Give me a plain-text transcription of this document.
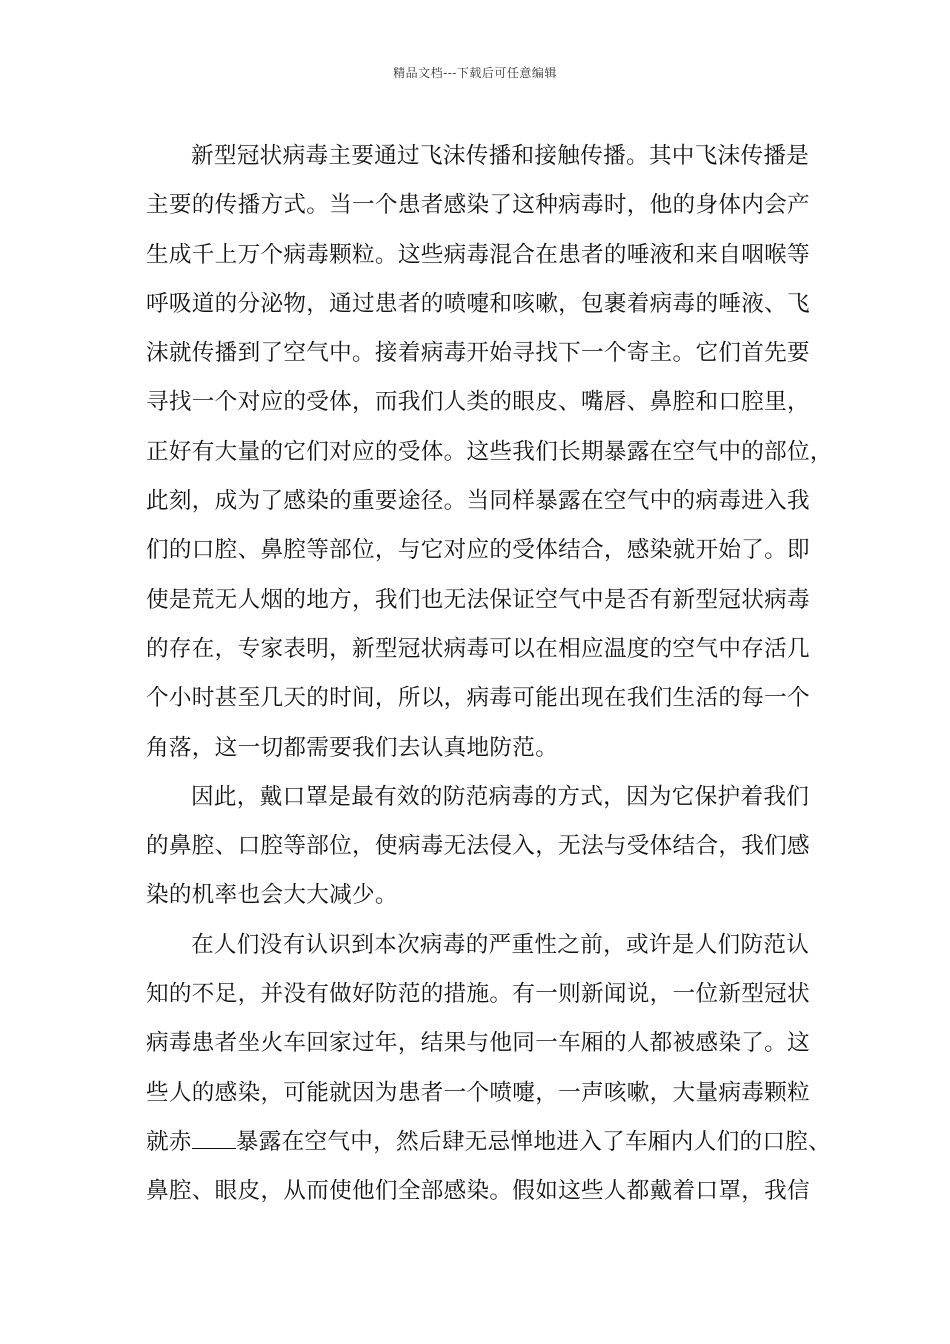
精品文档---下载后可任意编辑
新型冠状病毒主要通过飞沫传播和接触传播。其中飞沫传播是
主要的传播方式。当一个患者感染了这种病毒时，他的身体内会产
生成千上万个病毒颗粒。这些病毒混合在患者的唾液和来自咽喉等
呼吸道的分泌物，通过患者的喷嚏和咳嗽，包裹着病毒的唾液、飞
沫就传播到了空气中。接着病毒开始寻找下一个寄主。它们首先要
寻找一个对应的受体，而我们人类的眼皮、嘴唇、鼻腔和口腔里，
正好有大量的它们对应的受体。这些我们长期暴露在空气中的部位，
此刻，成为了感染的重要途径。当同样暴露在空气中的病毒进入我
们的口腔、鼻腔等部位，与它对应的受体结合，感染就开始了。即
使是荒无人烟的地方，我们也无法保证空气中是否有新型冠状病毒
的存在，专家表明，新型冠状病毒可以在相应温度的空气中存活几
个小时甚至几天的时间，所以，病毒可能出现在我们生活的每一个
角落，这一切都需要我们去认真地防范。
因此，戴口罩是最有效的防范病毒的方式，因为它保护着我们
的鼻腔、口腔等部位，使病毒无法侵入，无法与受体结合，我们感
染的机率也会大大减少。
在人们没有认识到本次病毒的严重性之前，或许是人们防范认
知的不足，并没有做好防范的措施。有一则新闻说，一位新型冠状
病毒患者坐火车回家过年，结果与他同一车厢的人都被感染了。这
些人的感染，可能就因为患者一个喷嚏，一声咳嗽，大量病毒颗粒
就赤 暴露在空气中，然后肆无忌惮地进入了车厢内人们的口腔、
鼻腔、眼皮，从而使他们全部感染。假如这些人都戴着口罩，我信
